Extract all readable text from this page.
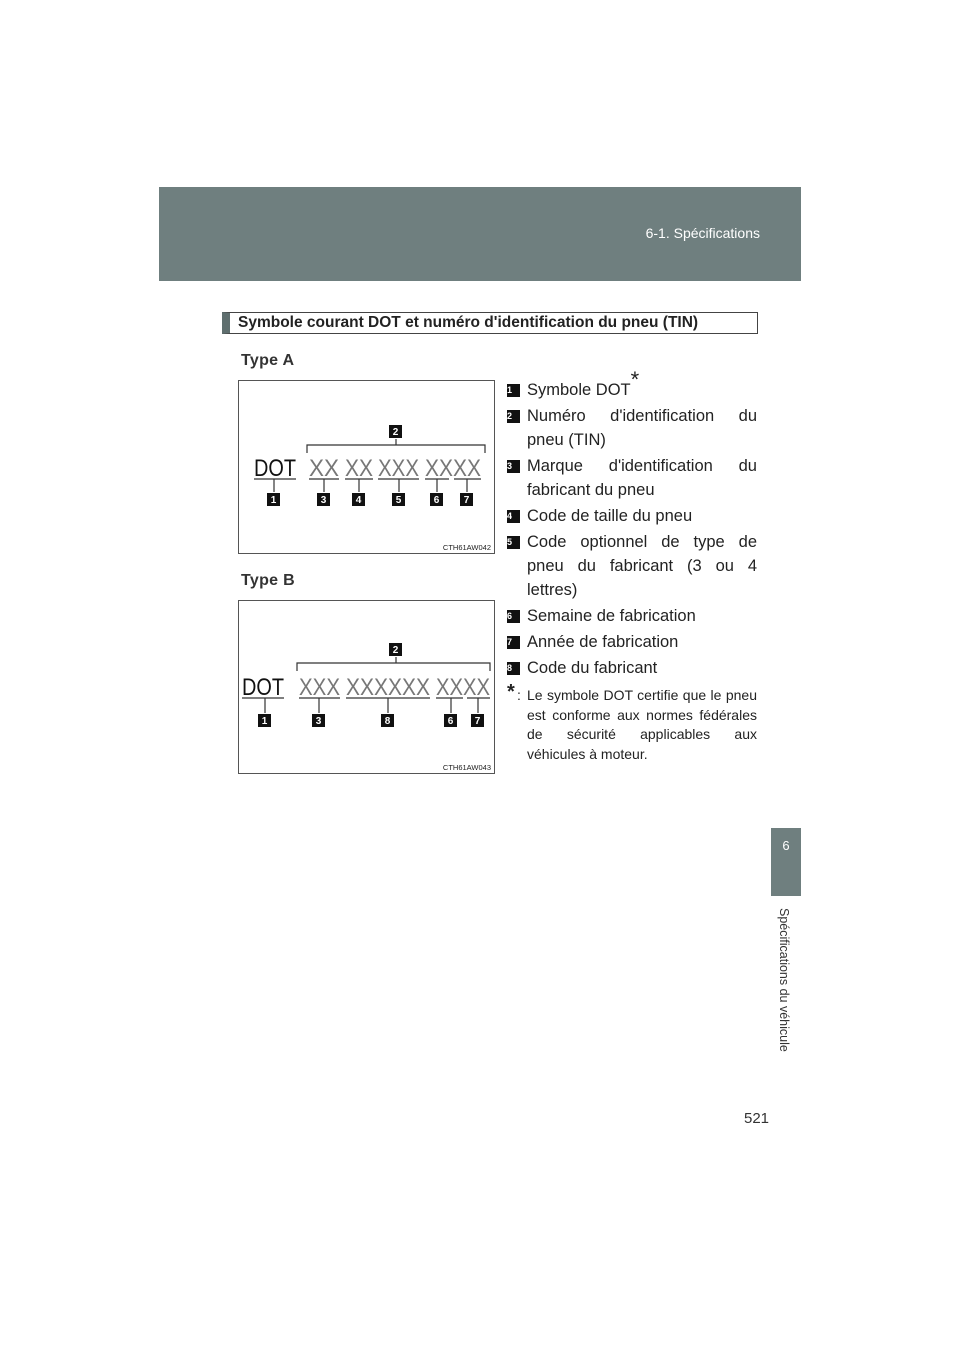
6-1. Spécifications
6
Spécifications du véhicule
521
Symbole courant DOT et numéro d'identification du pneu (TIN)
Type A
DOT XX XX XXX XXXX
2
1	3	4	5	6 7
CTH61AW042
Type B
DOT XXX XXXXXX XXXX
2
1	3	8	6 7
CTH61AW043
1 Symbole DOT*
2 Numéro d'identification du pneu (TIN)
3 Marque d'identification du fabricant du pneu
4 Code de taille du pneu
5 Code optionnel de type de pneu du fabricant (3 ou 4 lettres)
6 Semaine de fabrication
7 Année de fabrication
8 Code du fabricant
* : Le symbole DOT certifie que le pneu est conforme aux normes fédérales de sécurité applicables aux véhicules à moteur.
